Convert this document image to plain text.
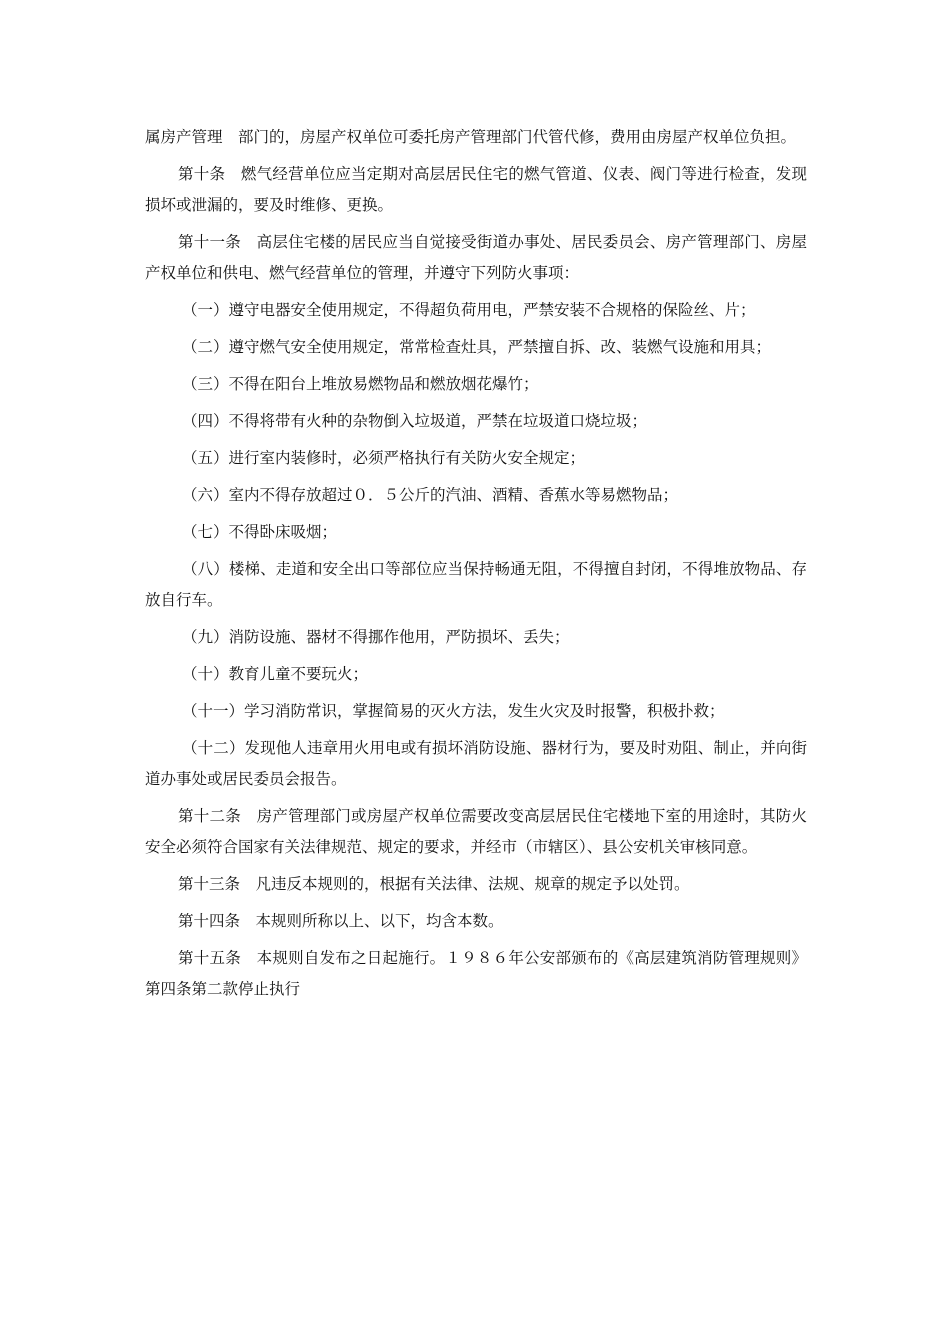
属房产管理　部门的，房屋产权单位可委托房产管理部门代管代修，费用由房屋产权单位负担。

第十条　燃气经营单位应当定期对高层居民住宅的燃气管道、仪表、阀门等进行检查，发现损坏或泄漏的，要及时维修、更换。

第十一条　高层住宅楼的居民应当自觉接受街道办事处、居民委员会、房产管理部门、房屋产权单位和供电、燃气经营单位的管理，并遵守下列防火事项：

（一）遵守电器安全使用规定，不得超负荷用电，严禁安装不合规格的保险丝、片；

（二）遵守燃气安全使用规定，常常检查灶具，严禁擅自拆、改、装燃气设施和用具；

（三）不得在阳台上堆放易燃物品和燃放烟花爆竹；

（四）不得将带有火种的杂物倒入垃圾道，严禁在垃圾道口烧垃圾；

（五）进行室内装修时，必须严格执行有关防火安全规定；

（六）室内不得存放超过０．５公斤的汽油、酒精、香蕉水等易燃物品；

（七）不得卧床吸烟；

（八）楼梯、走道和安全出口等部位应当保持畅通无阻，不得擅自封闭，不得堆放物品、存放自行车。

（九）消防设施、器材不得挪作他用，严防损坏、丢失；

（十）教育儿童不要玩火；

（十一）学习消防常识，掌握简易的灭火方法，发生火灾及时报警，积极扑救；

（十二）发现他人违章用火用电或有损坏消防设施、器材行为，要及时劝阻、制止，并向街道办事处或居民委员会报告。

第十二条　房产管理部门或房屋产权单位需要改变高层居民住宅楼地下室的用途时，其防火安全必须符合国家有关法律规范、规定的要求，并经市（市辖区）、县公安机关审核同意。

第十三条　凡违反本规则的，根据有关法律、法规、规章的规定予以处罚。

第十四条　本规则所称以上、以下，均含本数。

第十五条　本规则自发布之日起施行。１９８６年公安部颁布的《高层建筑消防管理规则》第四条第二款停止执行
